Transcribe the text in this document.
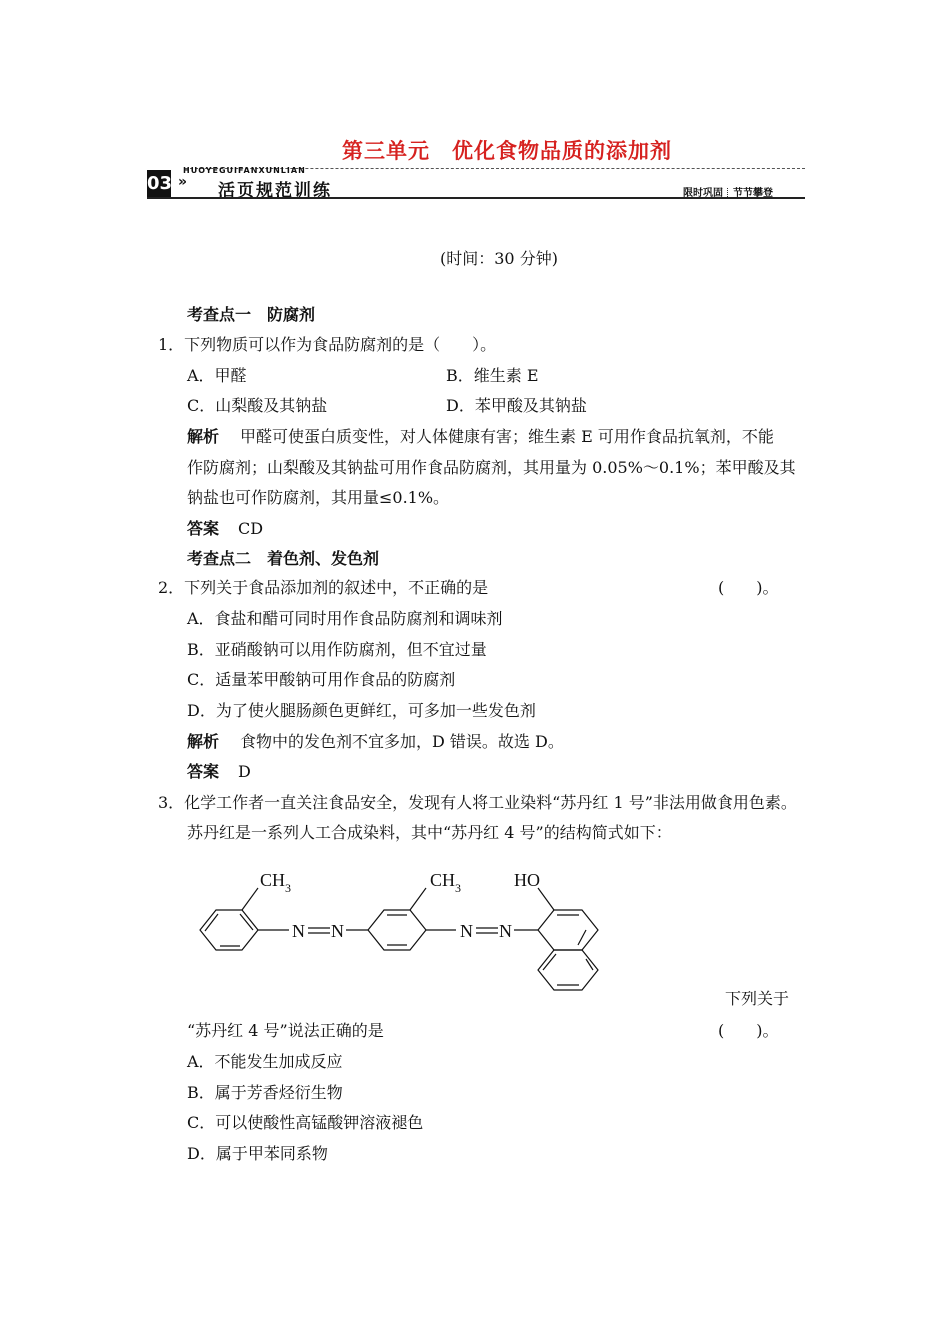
第三单元　优化食物品质的添加剂
03
HUOYEGUIFANXUNLIAN
» 活页规范训练	限时巩固 节节攀登
(时间：30 分钟)
考查点一　防腐剂
1．下列物质可以作为食品防腐剂的是（　　）。
A．甲醛	B．维生素 E
C．山梨酸及其钠盐	D．苯甲酸及其钠盐
解析 甲醛可使蛋白质变性，对人体健康有害；维生素 E 可用作食品抗氧剂，不能
作防腐剂；山梨酸及其钠盐可用作食品防腐剂，其用量为 0.05%～0.1%；苯甲酸及其
钠盐也可作防腐剂，其用量≤0.1%。
答案 CD
考查点二　着色剂、发色剂
2．下列关于食品添加剂的叙述中，不正确的是	(　　)。
A．食盐和醋可同时用作食品防腐剂和调味剂
B．亚硝酸钠可以用作防腐剂，但不宜过量
C．适量苯甲酸钠可用作食品的防腐剂
D．为了使火腿肠颜色更鲜红，可多加一些发色剂
解析 食物中的发色剂不宜多加，D 错误。故选 D。
答案 D
3．化学工作者一直关注食品安全，发现有人将工业染料“苏丹红 1 号”非法用做食用色素。
苏丹红是一系列人工合成染料，其中“苏丹红 4 号”的结构简式如下：
$CH_3$	$CH_3$	HO
N N	N N
下列关于
“苏丹红 4 号”说法正确的是	(　　)。
A．不能发生加成反应
B．属于芳香烃衍生物
C．可以使酸性高锰酸钾溶液褪色
D．属于甲苯同系物
